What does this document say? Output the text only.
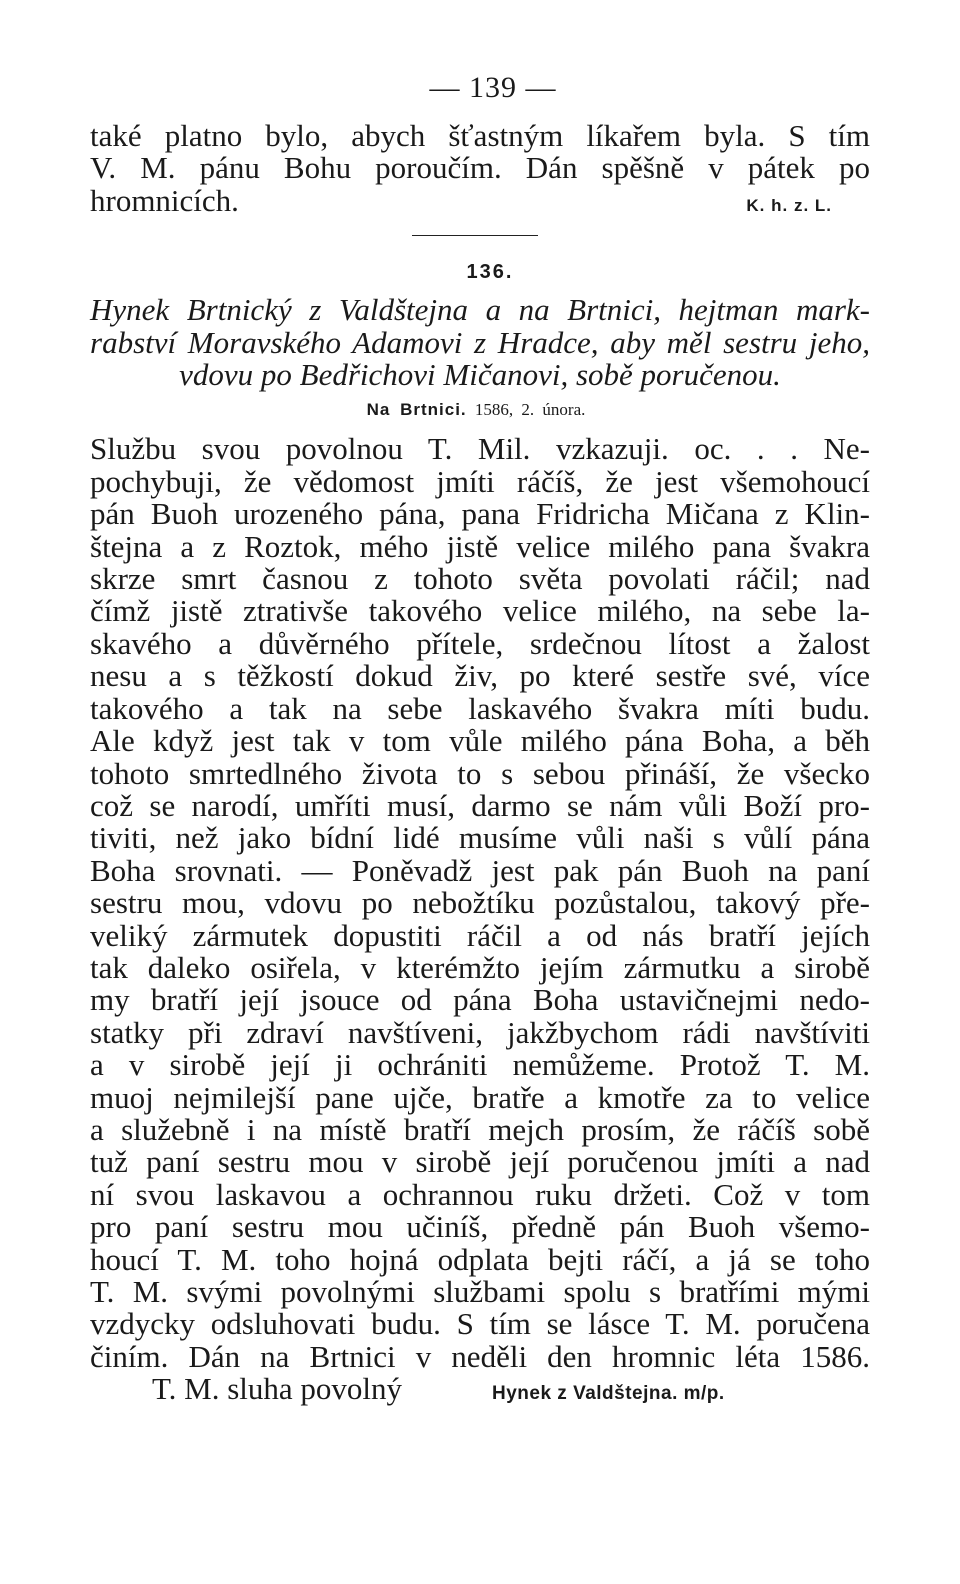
— 139 —
také platno bylo, abych šťastným líkařem byla. S tím
V. M. pánu Bohu poroučím. Dán spěšně v pátek po
hromnicích.	K. h. z. L.
136.
Hynek Brtnický z Valdštejna a na Brtnici, hejtman mark-
rabství Moravského Adamovi z Hradce, aby měl sestru jeho,
vdovu po Bedřichovi Mičanovi, sobě poručenou.
Na Brtnici. 1586, 2. února.
Službu svou povolnou T. Mil. vzkazuji. oc. . . Ne-
pochybuji, že vědomost jmíti ráčíš, že jest všemohoucí
pán Buoh urozeného pána, pana Fridricha Mičana z Klin-
štejna a z Roztok, mého jistě velice milého pana švakra
skrze smrt časnou z tohoto světa povolati ráčil; nad
čímž jistě ztrativše takového velice milého, na sebe la-
skavého a důvěrného přítele, srdečnou lítost a žalost
nesu a s těžkostí dokud živ, po které sestře své, více
takového a tak na sebe laskavého švakra míti budu.
Ale když jest tak v tom vůle milého pána Boha, a běh
tohoto smrtedlného života to s sebou přináší, že všecko
což se narodí, umříti musí, darmo se nám vůli Boží pro-
tiviti, než jako bídní lidé musíme vůli naši s vůlí pána
Boha srovnati. — Poněvadž jest pak pán Buoh na paní
sestru mou, vdovu po nebožtíku pozůstalou, takový pře-
veliký zármutek dopustiti ráčil a od nás bratří jejích
tak daleko osiřela, v kterémžto jejím zármutku a sirobě
my bratří její jsouce od pána Boha ustavičnejmi nedo-
statky při zdraví navštíveni, jakžbychom rádi navštíviti
a v sirobě její ji ochrániti nemůžeme. Protož T. M.
muoj nejmilejší pane ujče, bratře a kmotře za to velice
a služebně i na místě bratří mejch prosím, že ráčíš sobě
tuž paní sestru mou v sirobě její poručenou jmíti a nad
ní svou laskavou a ochrannou ruku držeti. Což v tom
pro paní sestru mou učiníš, předně pán Buoh všemo-
houcí T. M. toho hojná odplata bejti ráčí, a já se toho
T. M. svými povolnými službami spolu s bratřími mými
vzdycky odsluhovati budu. S tím se lásce T. M. poručena
činím. Dán na Brtnici v neděli den hromnic léta 1586.
T. M. sluha povolný	Hynek z Valdštejna. m/p.
